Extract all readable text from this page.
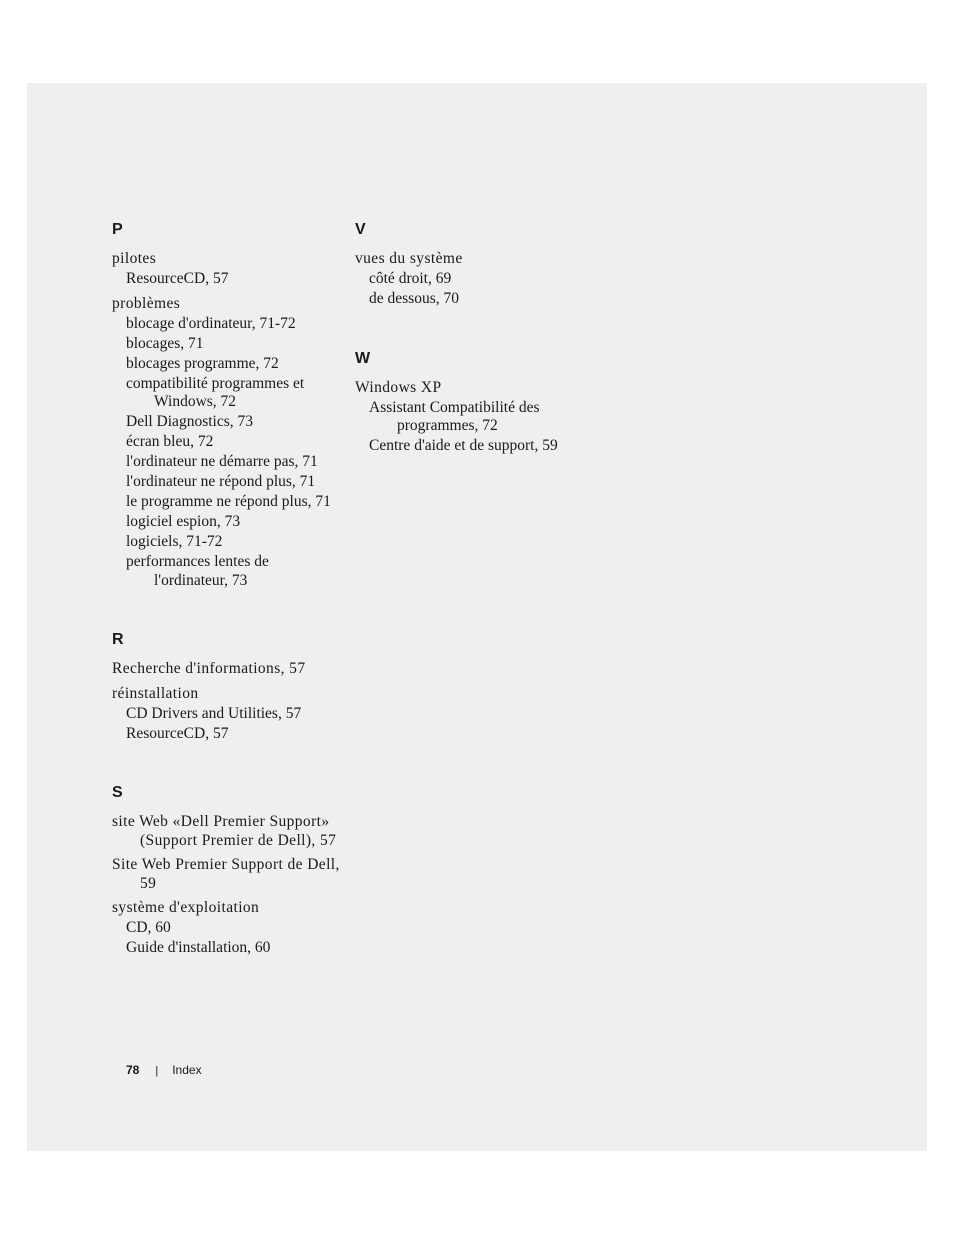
P
pilotes
ResourceCD, 57
problèmes
blocage d'ordinateur, 71-72
blocages, 71
blocages programme, 72
compatibilité programmes et Windows, 72
Dell Diagnostics, 73
écran bleu, 72
l'ordinateur ne démarre pas, 71
l'ordinateur ne répond plus, 71
le programme ne répond plus, 71
logiciel espion, 73
logiciels, 71-72
performances lentes de l'ordinateur, 73
R
Recherche d'informations, 57
réinstallation
CD Drivers and Utilities, 57
ResourceCD, 57
S
site Web «Dell Premier Support» (Support Premier de Dell), 57
Site Web Premier Support de Dell, 59
système d'exploitation
CD, 60
Guide d'installation, 60
V
vues du système
côté droit, 69
de dessous, 70
W
Windows XP
Assistant Compatibilité des programmes, 72
Centre d'aide et de support, 59
78 | Index
